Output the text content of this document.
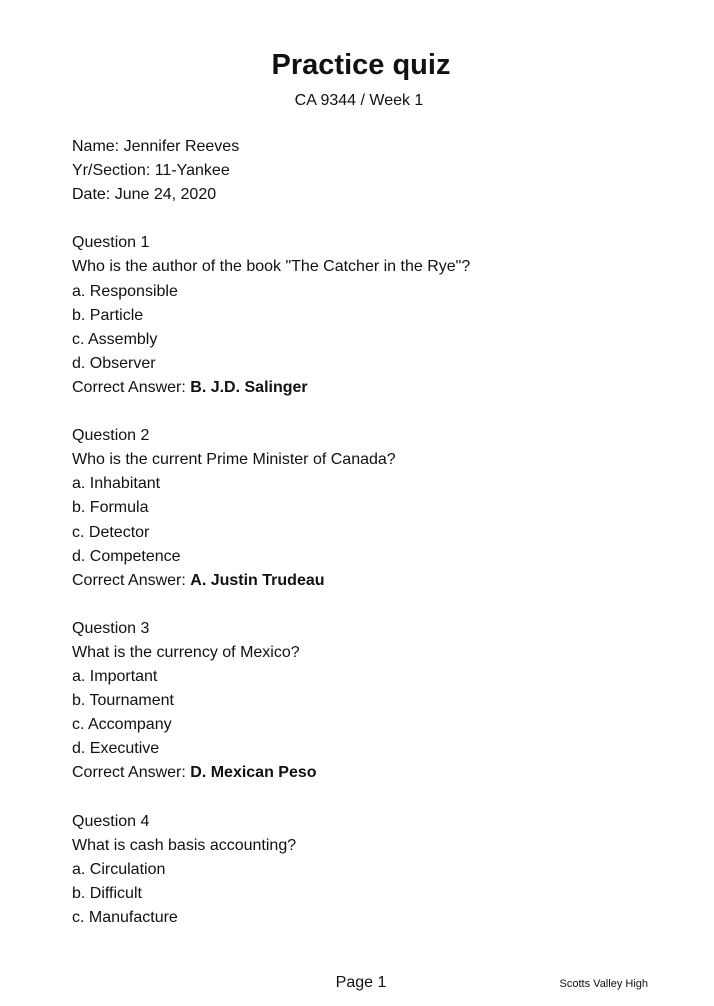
Practice quiz
CA 9344 / Week 1
Name: Jennifer Reeves
Yr/Section: 11-Yankee
Date: June 24, 2020
Question 1
Who is the author of the book "The Catcher in the Rye"?
a. Responsible
b. Particle
c. Assembly
d. Observer
Correct Answer: B. J.D. Salinger
Question 2
Who is the current Prime Minister of Canada?
a. Inhabitant
b. Formula
c. Detector
d. Competence
Correct Answer: A. Justin Trudeau
Question 3
What is the currency of Mexico?
a. Important
b. Tournament
c. Accompany
d. Executive
Correct Answer: D. Mexican Peso
Question 4
What is cash basis accounting?
a. Circulation
b. Difficult
c. Manufacture
Page 1	Scotts Valley High
